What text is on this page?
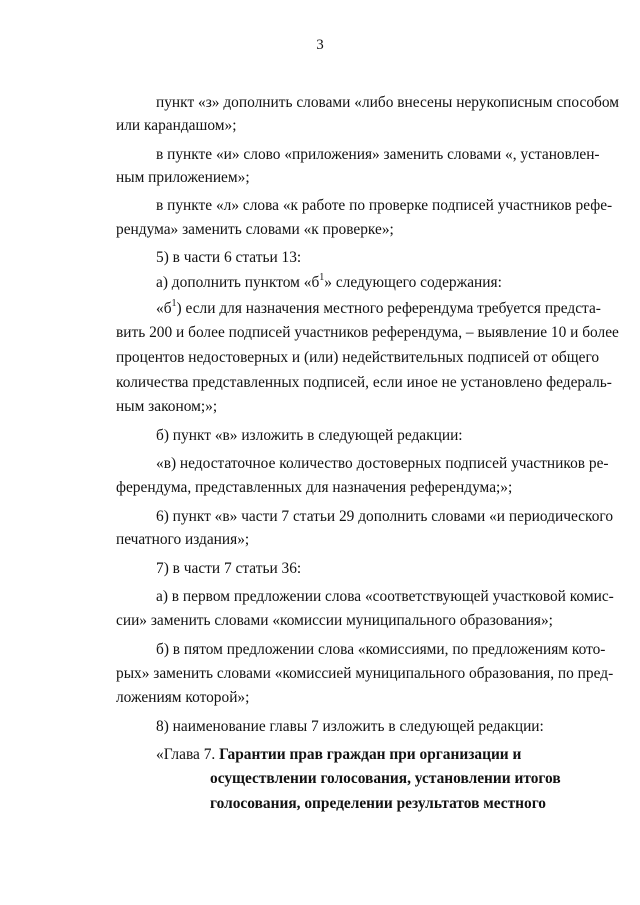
3
пункт «з» дополнить словами «либо внесены нерукописным способом
или карандашом»;
в пункте «и» слово «приложения» заменить словами «, установлен-
ным приложением»;
в пункте «л» слова «к работе по проверке подписей участников рефе-
рендума» заменить словами «к проверке»;
5) в части 6 статьи 13:
а) дополнить пунктом «$б^1$» следующего содержания:
«$б^1$) если для назначения местного референдума требуется предста-
вить 200 и более подписей участников референдума, – выявление 10 и более
процентов недостоверных и (или) недействительных подписей от общего
количества представленных подписей, если иное не установлено федераль-
ным законом;»;
б) пункт «в» изложить в следующей редакции:
«в) недостаточное количество достоверных подписей участников ре-
ферендума, представленных для назначения референдума;»;
6) пункт «в» части 7 статьи 29 дополнить словами «и периодического
печатного издания»;
7) в части 7 статьи 36:
а) в первом предложении слова «соответствующей участковой комис-
сии» заменить словами «комиссии муниципального образования»;
б) в пятом предложении слова «комиссиями, по предложениям кото-
рых» заменить словами «комиссией муниципального образования, по пред-
ложениям которой»;
8) наименование главы 7 изложить в следующей редакции:
«Глава 7. Гарантии прав граждан при организации и
осуществлении голосования, установлении итогов
голосования, определении результатов местного
